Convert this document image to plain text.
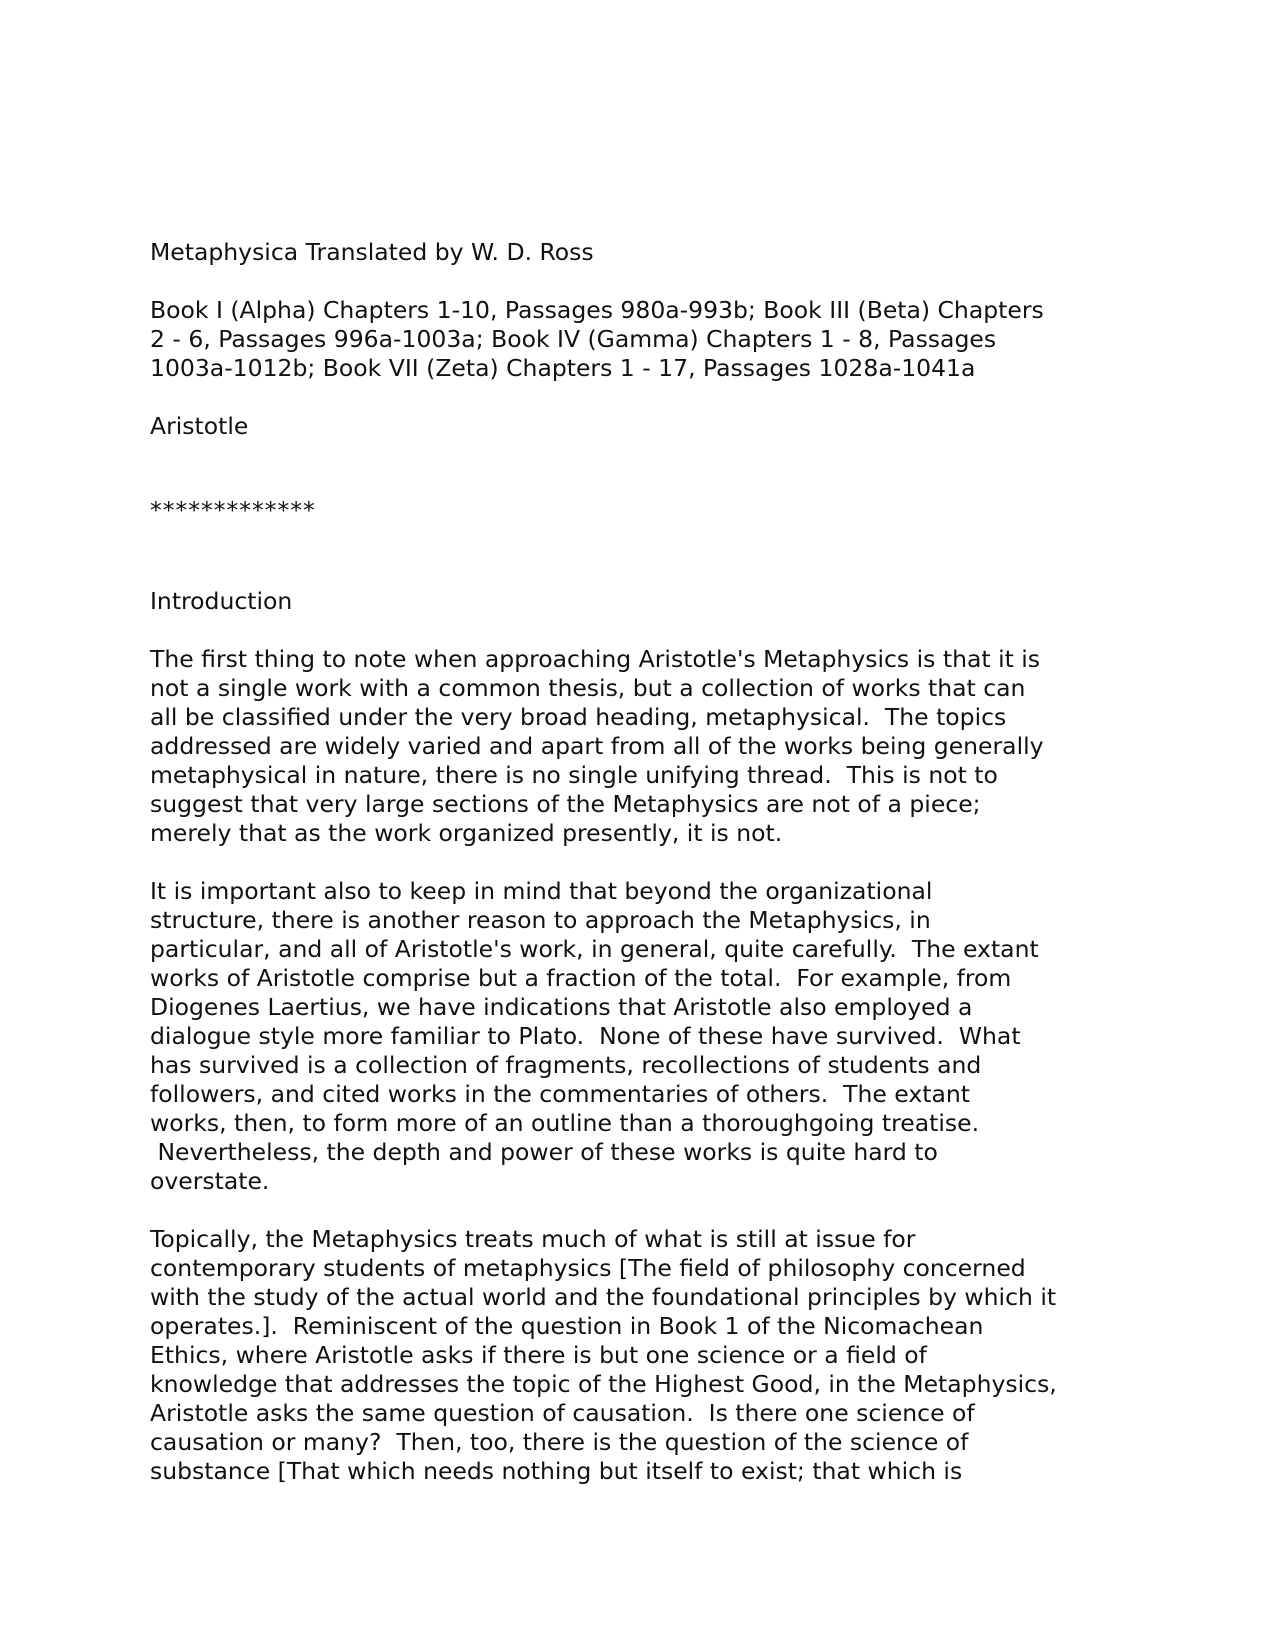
Metaphysica Translated by W. D. Ross

Book I (Alpha) Chapters 1-10, Passages 980a-993b; Book III (Beta) Chapters
2 - 6, Passages 996a-1003a; Book IV (Gamma) Chapters 1 - 8, Passages
1003a-1012b; Book VII (Zeta) Chapters 1 - 17, Passages 1028a-1041a

Aristotle

*************

Introduction

The first thing to note when approaching Aristotle's Metaphysics is that it is
not a single work with a common thesis, but a collection of works that can
all be classified under the very broad heading, metaphysical.  The topics
addressed are widely varied and apart from all of the works being generally
metaphysical in nature, there is no single unifying thread.  This is not to
suggest that very large sections of the Metaphysics are not of a piece;
merely that as the work organized presently, it is not.

It is important also to keep in mind that beyond the organizational
structure, there is another reason to approach the Metaphysics, in
particular, and all of Aristotle's work, in general, quite carefully.  The extant
works of Aristotle comprise but a fraction of the total.  For example, from
Diogenes Laertius, we have indications that Aristotle also employed a
dialogue style more familiar to Plato.  None of these have survived.  What
has survived is a collection of fragments, recollections of students and
followers, and cited works in the commentaries of others.  The extant
works, then, to form more of an outline than a thoroughgoing treatise.
Nevertheless, the depth and power of these works is quite hard to
overstate.

Topically, the Metaphysics treats much of what is still at issue for
contemporary students of metaphysics [The field of philosophy concerned
with the study of the actual world and the foundational principles by which it
operates.].  Reminiscent of the question in Book 1 of the Nicomachean
Ethics, where Aristotle asks if there is but one science or a field of
knowledge that addresses the topic of the Highest Good, in the Metaphysics,
Aristotle asks the same question of causation.  Is there one science of
causation or many?  Then, too, there is the question of the science of
substance [That which needs nothing but itself to exist; that which is
